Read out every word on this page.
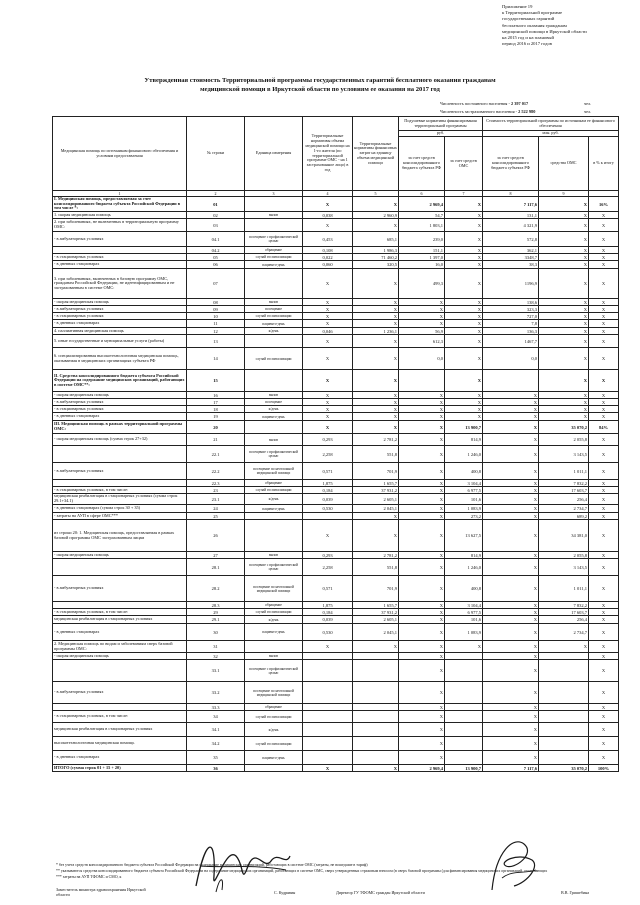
Приложение 19
к Территориальной программе
государственных гарантий
бесплатного оказания гражданам
медицинской помощи в Иркутской области
на 2015 год и на плановый
период 2016 и 2017 годов
Утвержденная стоимость Территориальной программы государственных гарантий бесплатного оказания гражданам
медицинской помощи в Иркутской области по условиям ее оказания на 2017 год
Численность постоянного населения - 2 397 017	чел.
Численность застрахованного населения - 2 522 980	чел.
Медицинская помощь по источникам финансового обеспечения и условиям предоставления	№ строки	Единица измерения	Территориальные нормативы объема медицинской помощи на 1-го жителя (по территориальной программе ОМС - на 1 застрахованное лицо) в год	Территориальные нормативы финансовых затрат на единицу объема медицинской помощи	Подушевые нормативы финансирования территориальной программы		Стоимость территориальной программы по источникам ее финансового обеспечения		
					руб.		млн. руб.		
					за счет средств консолидированного бюджета субъекта РФ	за счет средств ОМС	за счет средств консолидированного бюджета субъекта РФ	средства ОМС	в % к итогу
1	2	3	4	5	6	7	8	9	
I. Медицинская помощь, предоставляемая за счет консолидированного бюджета субъекта Российской Федерации в том числе *:	01		X	X	2 969,4	X	7 117,6	X	16%
1. скорая медицинская помощь	02	вызов	0,038	2 960,9	54,7	X	131,1	X	X
2. при заболеваниях, не включенных в территориальную программу ОМС:	03		X	X	1 803,1	X	4 321,9	X	X
- в амбулаторных условиях	04.1	посещение с профилактической целью	0,453	685,1	239,0	X	572,8	X	X
	04.2	обращение	0,108	1 986,3	151,1	X	362,1	X	X
- в стационарных условиях	05	случай госпитализации	0,022	71 460,2	1 397,0	X	3348,7	X	X
- в дневных стационарах	06	пациенто-день	0,060	320,5	16,0	X	38,3	X	X
3. при заболеваниях, включенных в базовую программу ОМС, гражданам Российской Федерации, не идентифицированным и не застрахованным в системе ОМС:	07		X	X	499,3	X	1196,9	X	X
- скорая медицинская помощь	08	вызов	X	X	X	X	138,6	X	X
- в амбулаторных условиях	09	посещение	X	X	X	X	323,3	X	X
- в стационарных условиях	10	случай госпитализации	X	X	X	X	727,0	X	X
- в дневных стационарах	11	пациенто-день	X	X	X	X	7,8	X	X
4. паллиативная медицинская помощь	12	к/день	0,046	1 236,1	56,9	X	136,3	X	X
5. иные государственные и муниципальные услуги (работы)	13		X	X	612,3	X	1467,7	X	X
6. специализированная высокотехнологичная медицинская помощь, оказываемая в медицинских организациях субъекта РФ	14	случай госпитализации	X	X	0,0	X	0,0	X	X
II. Средства консолидированного бюджета субъекта Российской Федерации на содержание медицинских организаций, работающих в системе ОМС**:	15		X	X		X		X	X
- скорая медицинская помощь	16	вызов	X	X	X	X	X	X	X
- в амбулаторных условиях	17	посещение	X	X	X	X	X	X	X
- в стационарных условиях	18	к/день	X	X	X	X	X	X	X
- в дневных стационарах	19	пациенто-день	X	X	X	X	X	X	X
III. Медицинская помощь в рамках территориальной программы ОМС:	20		X	X	X	13 900,7	X	35 070,2	84%
- скорая медицинская помощь (сумма строк 27+32)	21	вызов	0,293	2 781,2	X	814,9	X	2 055,8	X
	22.1	посещение с профилактической целью	2,258	551,8	X	1 246,0	X	3 143,5	X
- в амбулаторных условиях	22.2	посещение по неотложной медицинской помощи	0,571	701,9	X	400,8	X	1 011,1	X
	22.3	обращение	1,875	1 655,7	X	3 104,4	X	7 832,2	X
- в стационарных условиях, в том числе:	23	случай госпитализации	0,184	37 931,2	X	6 977,5	X	17 603,7	X
медицинская реабилитация в стационарных условиях (сумма строк 29.1+34.1)	23.1	к/день	0,039	2 605,1	X	101,6	X	256,4	X
- в дневных стационарах (сумма строк 30 + 35)	24	пациенто-день	0,530	2 045,1	X	1 083,9	X	2 734,7	X
- затраты на АУП в сфере ОМС***	25			X	X	273,2	X	689,2	X
из строки 20: 1. Медицинская помощь, предоставляемая в рамках базовой программы ОМС застрахованным лицам	26		X	X	X	13 627,5	X	34 381,0	X
- скорая медицинская помощь	27	вызов	0,293	2 781,2	X	814,9	X	2 055,8	X
	28.1	посещение с профилактической целью	2,258	551,8	X	1 246,0	X	3 143,5	X
- в амбулаторных условиях	28.2	посещение по неотложной медицинской помощи	0,571	701,9	X	400,8	X	1 011,1	X
	28.3	обращение	1,875	1 655,7	X	3 104,4	X	7 832,2	X
- в стационарных условиях, в том числе:	29	случай госпитализации	0,184	37 931,2	X	6 977,5	X	17 603,7	X
медицинская реабилитация в стационарных условиях	29.1	к/день	0,039	2 605,1	X	101,6	X	256,4	X
- в дневных стационарах	30	пациенто-день	0,530	2 045,1	X	1 083,9	X	2 734,7	X
2. Медицинская помощь по видам и заболеваниям сверх базовой программы ОМС:	31		X	X	X	X	X	X	X
- скорая медицинская помощь	32	вызов			X		X		X
	33.1	посещение с профилактической целью			X		X		X
- в амбулаторных условиях	33.2	посещение по неотложной медицинской помощи			X		X		X
	33.3	обращение			X		X		X
- в стационарных условиях, в том числе:	34	случай госпитализации			X		X		X
медицинская реабилитация в стационарных условиях	34.1	к/день			X		X		X
высокотехнологичная медицинская помощь	34.2	случай госпитализации			X		X		X
- в дневных стационарах	35	пациенто-день			X		X		X
ИТОГО (сумма строк 01 + 15 + 20)	36		X	X	2 969,4	13 900,7	7 117,6	35 070,2	100%
* без учета средств консолидированного бюджета субъекта Российской Федерации на содержание медицинских организаций, работающих в системе ОМС (затраты, не вошедшие в тариф)
** указываются средства консолидированного бюджета субъекта Российской Федерации на содержание медицинских организаций, работающих в системе ОМС, сверх утвержденных страховым взносом (в сверх базовой программы (для финансирования медицинских организаций, оказывающих
*** затраты на АУП ТФОМС и СМО, к
Заместитель министра здравоохранения Иркутской
области	С. Кудрявин	Директор ГУ ТФОМС граждан Иркутской области	В.В. Гришебина
